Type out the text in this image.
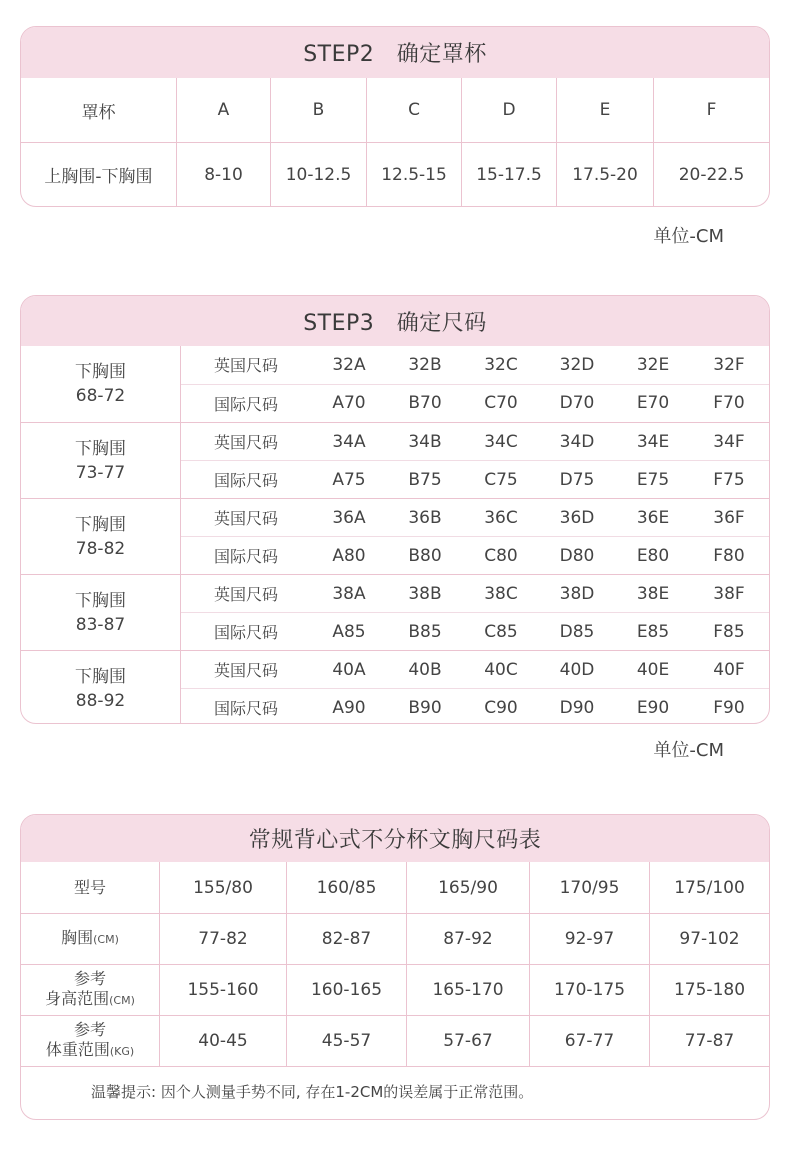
STEP2　确定罩杯
罩杯	A	B	C	D	E	F
上胸围-下胸围	8-10	10-12.5	12.5-15	15-17.5	17.5-20	20-22.5
单位-CM
STEP3　确定尺码
下胸围
68-72
英国尺码	32A	32B	32C	32D	32E	32F
国际尺码	A70	B70	C70	D70	E70	F70
下胸围
73-77
英国尺码	34A	34B	34C	34D	34E	34F
国际尺码	A75	B75	C75	D75	E75	F75
下胸围
78-82
英国尺码	36A	36B	36C	36D	36E	36F
国际尺码	A80	B80	C80	D80	E80	F80
下胸围
83-87
英国尺码	38A	38B	38C	38D	38E	38F
国际尺码	A85	B85	C85	D85	E85	F85
下胸围
88-92
英国尺码	40A	40B	40C	40D	40E	40F
国际尺码	A90	B90	C90	D90	E90	F90
单位-CM
常规背心式不分杯文胸尺码表
型号	155/80	160/85	165/90	170/95	175/100
胸围(CM)	77-82	82-87	87-92	92-97	97-102
参考
身高范围(CM)
155-160	160-165	165-170	170-175	175-180
参考
体重范围(KG)
40-45	45-57	57-67	67-77	77-87
温馨提示: 因个人测量手势不同, 存在1-2CM的误差属于正常范围。
